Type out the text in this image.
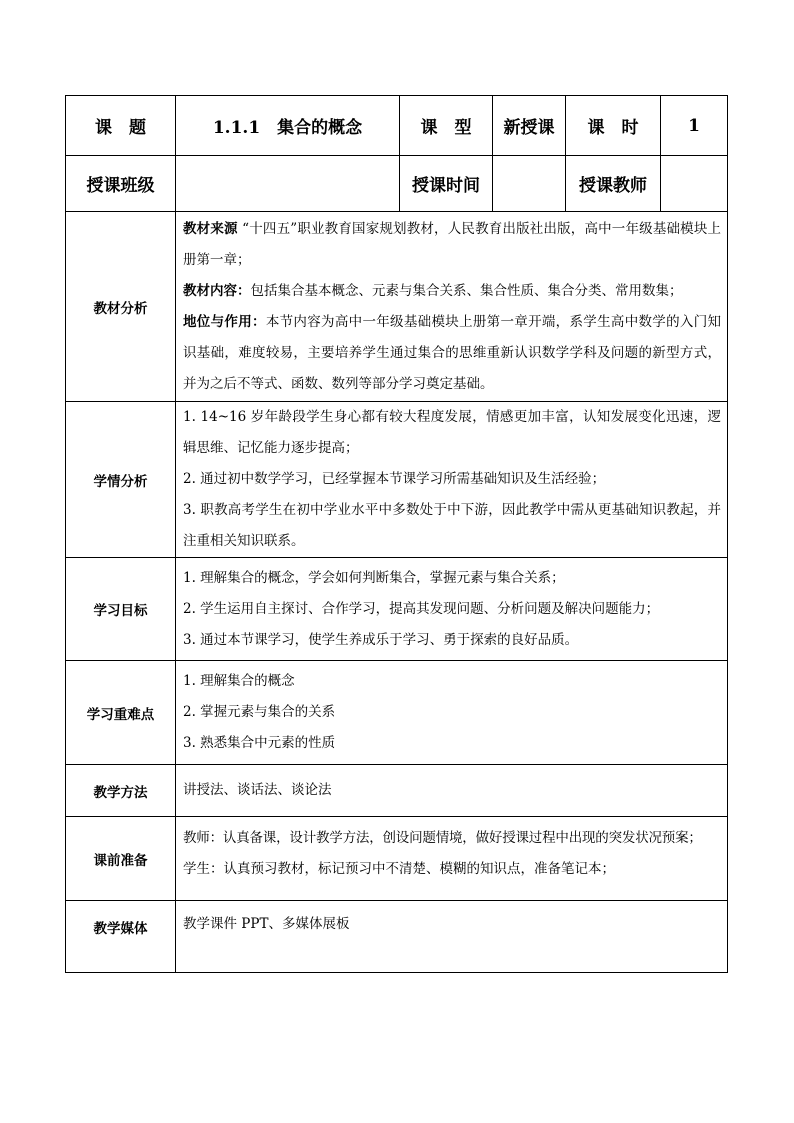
课　题	1.1.1　集合的概念	课　型	新授课	课　时	1
授课班级		授课时间		授课教师	
教材分析	教材来源 “十四五”职业教育国家规划教材，人民教育出版社出版，高中一年级基础模块上册第一章；

教材内容：包括集合基本概念、元素与集合关系、集合性质、集合分类、常用数集；

地位与作用：本节内容为高中一年级基础模块上册第一章开端，系学生高中数学的入门知识基础，难度较易，主要培养学生通过集合的思维重新认识数学学科及问题的新型方式，并为之后不等式、函数、数列等部分学习奠定基础。				

学情分析	1. 14~16 岁年龄段学生身心都有较大程度发展，情感更加丰富，认知发展变化迅速，逻辑思维、记忆能力逐步提高；

2. 通过初中数学学习，已经掌握本节课学习所需基础知识及生活经验；

3. 职教高考学生在初中学业水平中多数处于中下游，因此教学中需从更基础知识教起，并注重相关知识联系。				

学习目标	1. 理解集合的概念，学会如何判断集合，掌握元素与集合关系；

2. 学生运用自主探讨、合作学习，提高其发现问题、分析问题及解决问题能力；

3. 通过本节课学习，使学生养成乐于学习、勇于探索的良好品质。				

学习重难点	1. 理解集合的概念

2. 掌握元素与集合的关系

3. 熟悉集合中元素的性质				

教学方法	讲授法、谈话法、谈论法				

课前准备	教师：认真备课，设计教学方法，创设问题情境，做好授课过程中出现的突发状况预案；

学生：认真预习教材，标记预习中不清楚、模糊的知识点，准备笔记本；				

教学媒体	教学课件 PPT、多媒体展板				
